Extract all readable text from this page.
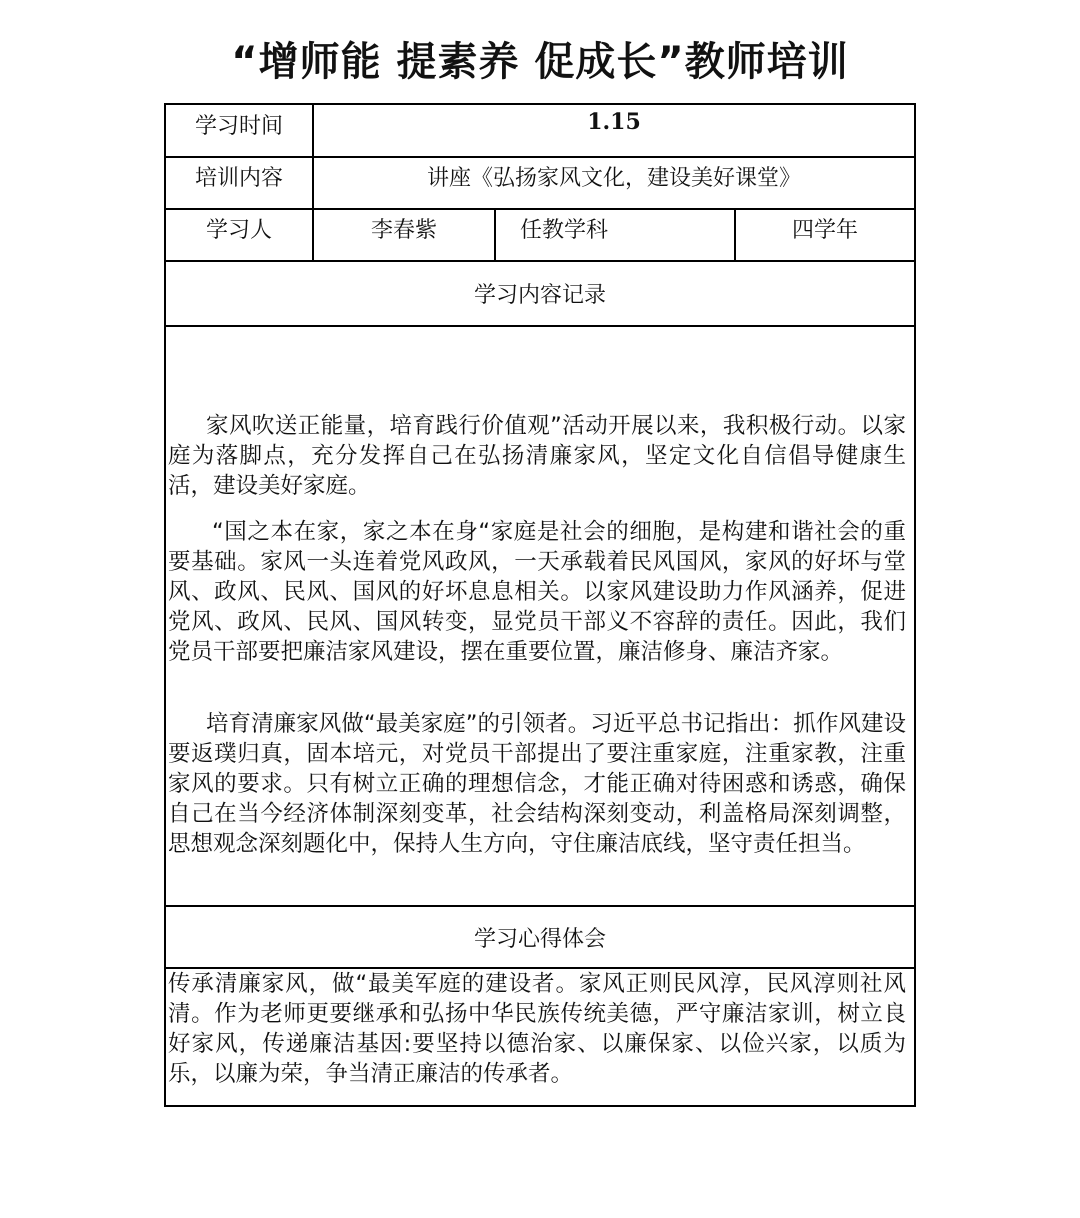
“增师能 提素养 促成长”教师培训
学习时间	1.15
培训内容	讲座《弘扬家风文化，建设美好课堂》
学习人	李春紫	任教学科	四学年
学习内容记录

家风吹送正能量，培育践行价值观”活动开展以来，我积极行动。以家庭为落脚点，充分发挥自己在弘扬清廉家风，坚定文化自信倡导健康生活，建设美好家庭。

“国之本在家，家之本在身“家庭是社会的细胞，是构建和谐社会的重要基础。家风一头连着党风政风，一天承载着民风国风，家风的好坏与堂风、政风、民风、国风的好坏息息相关。以家风建设助力作风涵养，促进党风、政风、民风、国风转变，显党员干部义不容辞的责任。因此，我们党员干部要把廉洁家风建设，摆在重要位置，廉洁修身、廉洁齐家。

培育清廉家风做“最美家庭”的引领者。习近平总书记指出：抓作风建设要返璞归真，固本培元，对党员干部提出了要注重家庭，注重家教，注重家风的要求。只有树立正确的理想信念，才能正确对待困惑和诱惑，确保自己在当今经济体制深刻变革，社会结构深刻变动，利盖格局深刻调整，思想观念深刻题化中，保持人生方向，守住廉洁底线，坚守责任担当。

学习心得体会

传承清廉家风，做“最美军庭的建设者。家风正则民风淳，民风淳则社风清。作为老师更要继承和弘扬中华民族传统美德，严守廉洁家训，树立良好家风，传递廉洁基因:要坚持以德治家、以廉保家、以俭兴家，以质为乐，以廉为荣，争当清正廉洁的传承者。
